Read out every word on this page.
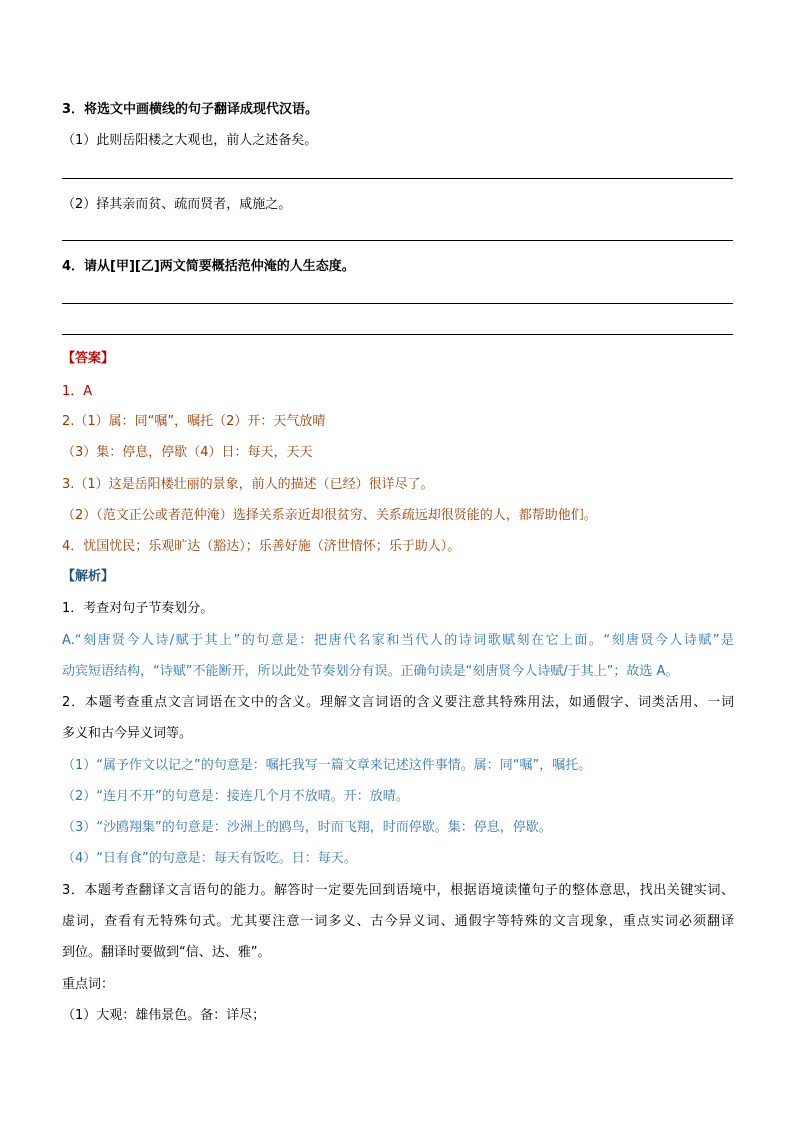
3．将选文中画横线的句子翻译成现代汉语。
（1）此则岳阳楼之大观也，前人之述备矣。
（2）择其亲而贫、疏而贤者，咸施之。
4．请从[甲][乙]两文简要概括范仲淹的人生态度。
【答案】
1．A
2.（1）属：同“嘱”，嘱托（2）开：天气放晴
（3）集：停息，停歇（4）日：每天，天天
3.（1）这是岳阳楼壮丽的景象，前人的描述（已经）很详尽了。
（2）（范文正公或者范仲淹）选择关系亲近却很贫穷、关系疏远却很贤能的人，都帮助他们。
4．忧国忧民；乐观旷达（豁达）；乐善好施（济世情怀；乐于助人）。
【解析】
1．考查对句子节奏划分。
A.“刻唐贤今人诗/赋于其上”的句意是：把唐代名家和当代人的诗词歌赋刻在它上面。“刻唐贤今人诗赋”是
动宾短语结构，“诗赋”不能断开，所以此处节奏划分有误。正确句读是“刻唐贤今人诗赋/于其上”；故选 A。
2．本题考查重点文言词语在文中的含义。理解文言词语的含义要注意其特殊用法，如通假字、词类活用、一词
多义和古今异义词等。
（1）“属予作文以记之”的句意是：嘱托我写一篇文章来记述这件事情。属：同“嘱”，嘱托。
（2）“连月不开”的句意是：接连几个月不放晴。开：放晴。
（3）“沙鸥翔集”的句意是：沙洲上的鸥鸟，时而飞翔，时而停歇。集：停息，停歇。
（4）“日有食”的句意是：每天有饭吃。日：每天。
3．本题考查翻译文言语句的能力。解答时一定要先回到语境中，根据语境读懂句子的整体意思，找出关键实词、
虚词，查看有无特殊句式。尤其要注意一词多义、古今异义词、通假字等特殊的文言现象，重点实词必须翻译
到位。翻译时要做到“信、达、雅”。
重点词：
（1）大观：雄伟景色。备：详尽；
